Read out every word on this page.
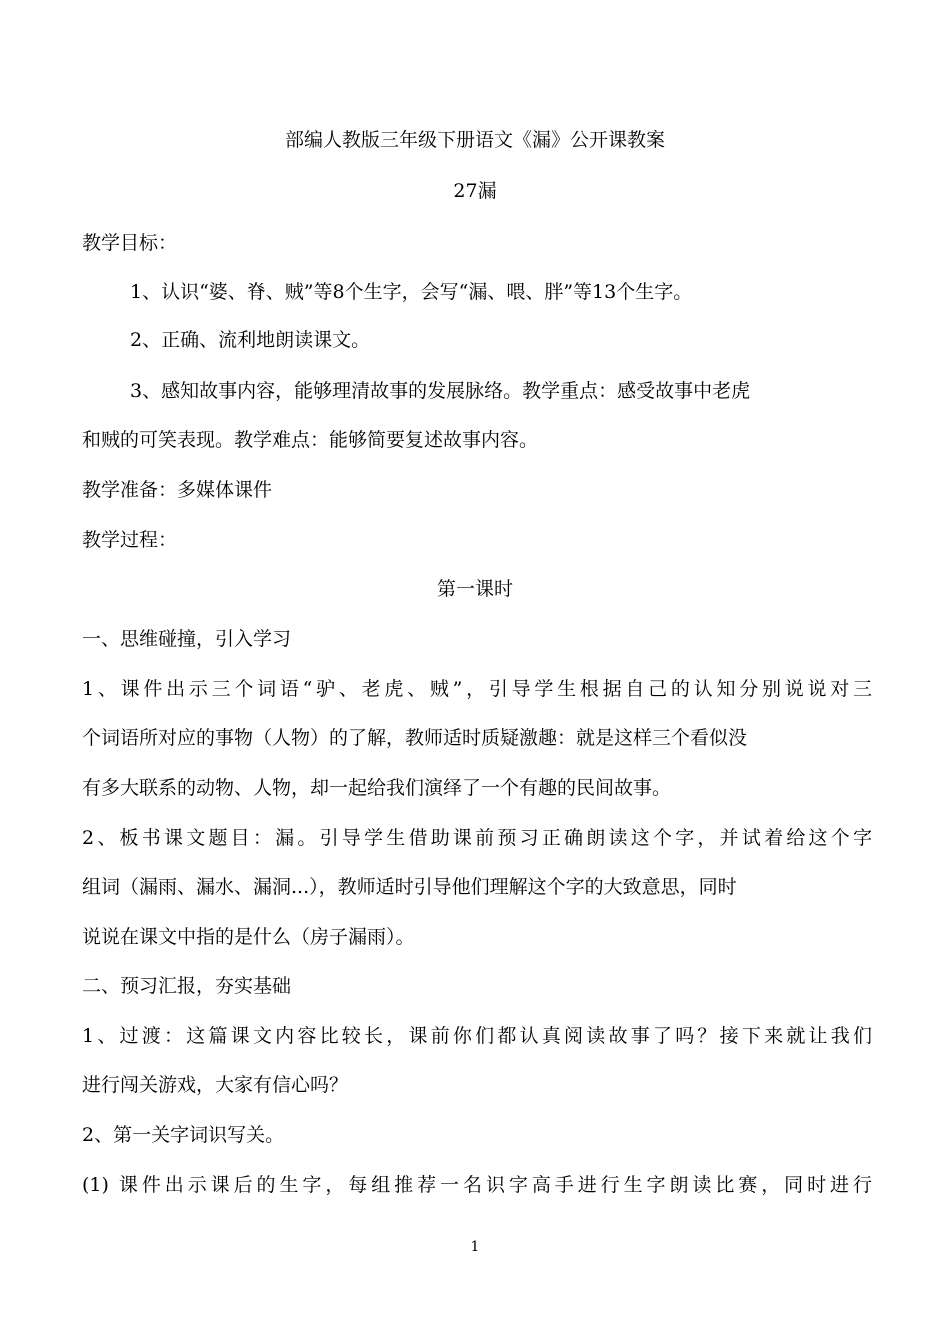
部编人教版三年级下册语文《漏》公开课教案
27漏
教学目标：
1、认识“婆、脊、贼”等8个生字，会写“漏、喂、胖”等13个生字。
2、正确、流利地朗读课文。
3、感知故事内容，能够理清故事的发展脉络。教学重点：感受故事中老虎
和贼的可笑表现。教学难点：能够简要复述故事内容。
教学准备：多媒体课件
教学过程：
第一课时
一、思维碰撞，引入学习
1、课件出示三个词语“驴、老虎、贼”，引导学生根据自己的认知分别说说对三
个词语所对应的事物（人物）的了解，教师适时质疑激趣：就是这样三个看似没
有多大联系的动物、人物，却一起给我们演绎了一个有趣的民间故事。
2、板书课文题目：漏。引导学生借助课前预习正确朗读这个字，并试着给这个字
组词（漏雨、漏水、漏洞...），教师适时引导他们理解这个字的大致意思，同时
说说在课文中指的是什么（房子漏雨）。
二、预习汇报，夯实基础
1、过渡：这篇课文内容比较长，课前你们都认真阅读故事了吗？接下来就让我们
进行闯关游戏，大家有信心吗？
2、第一关字词识写关。
(1) 课件出示课后的生字，每组推荐一名识字高手进行生字朗读比赛，同时进行
1
